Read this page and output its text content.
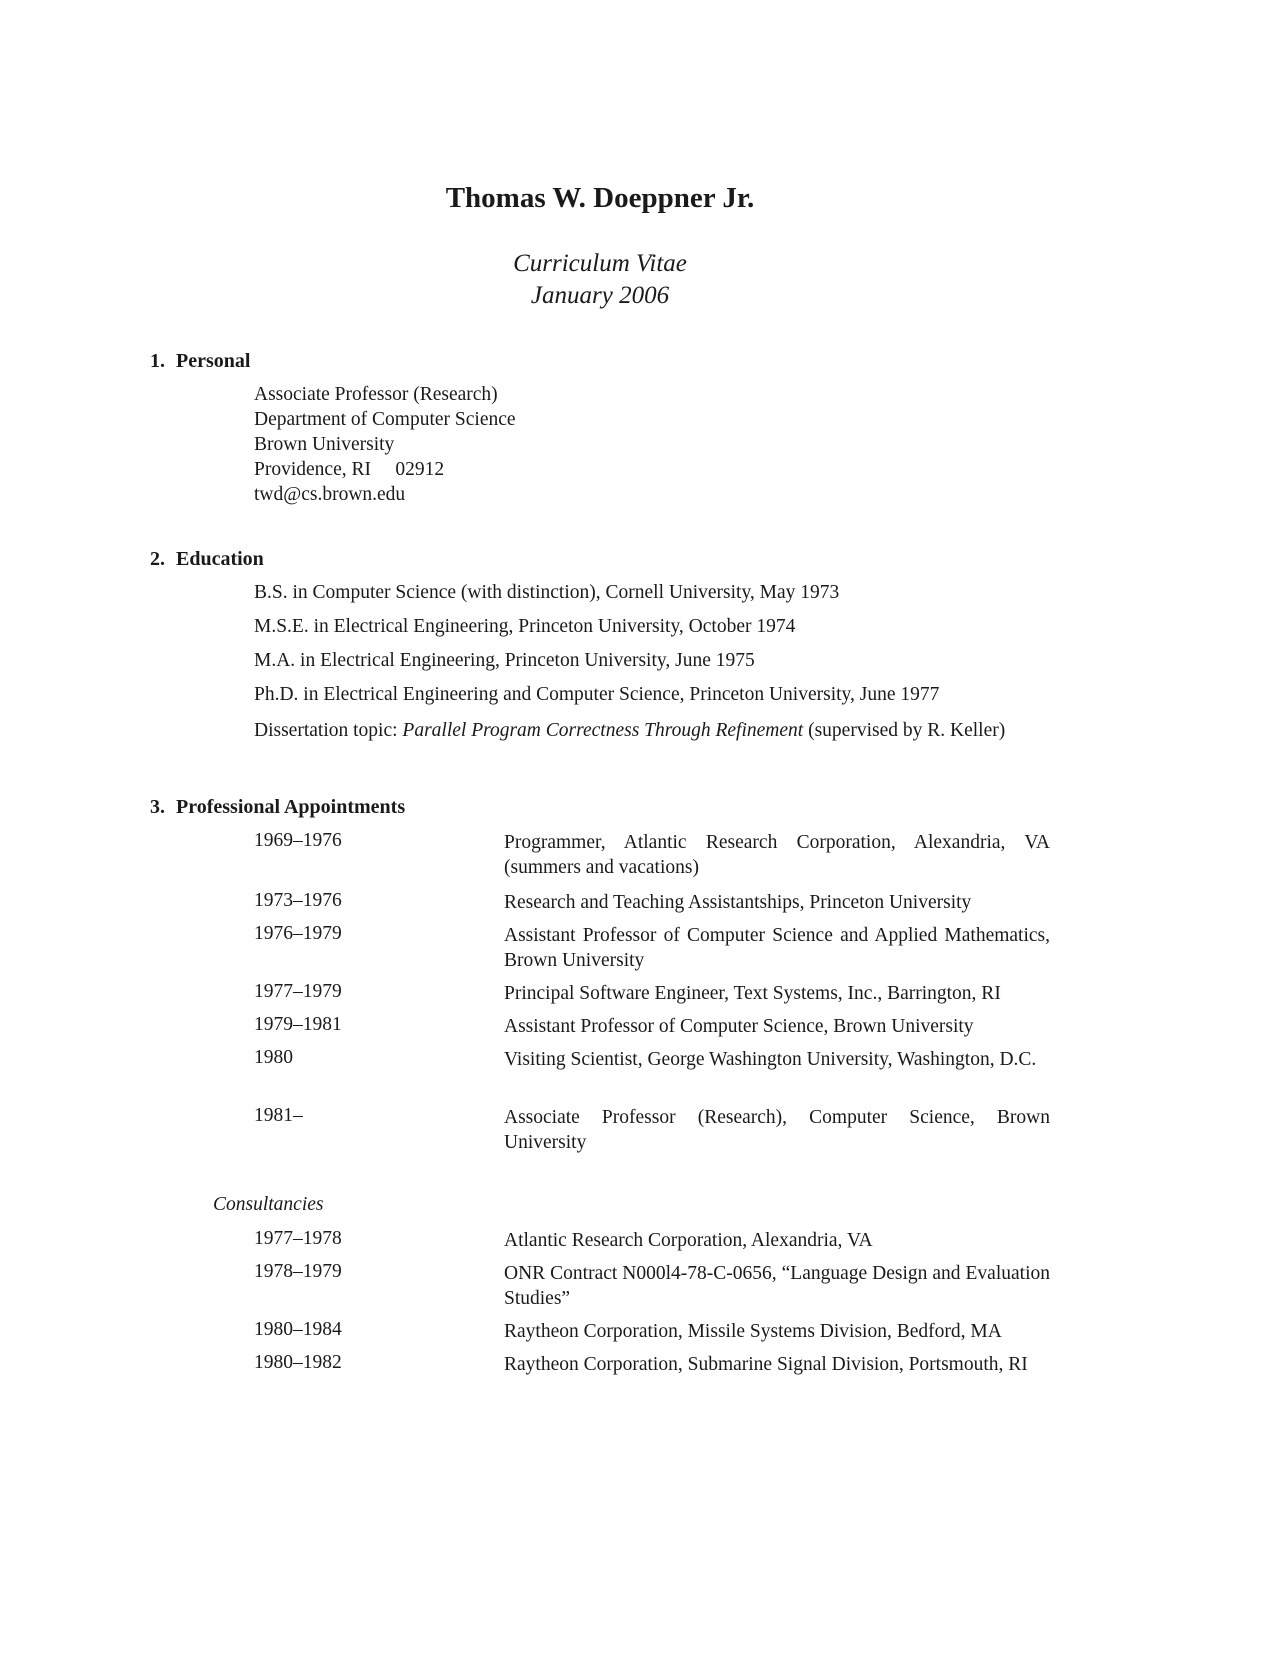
Thomas W. Doeppner Jr.
Curriculum Vitae
January 2006
1. Personal
Associate Professor (Research)
Department of Computer Science
Brown University
Providence, RI     02912
twd@cs.brown.edu
2. Education
B.S. in Computer Science (with distinction), Cornell University, May 1973
M.S.E. in Electrical Engineering, Princeton University, October 1974
M.A. in Electrical Engineering, Princeton University, June 1975
Ph.D. in Electrical Engineering and Computer Science, Princeton University, June 1977
Dissertation topic: Parallel Program Correctness Through Refinement (supervised by R. Keller)
3. Professional Appointments
1969–1976	Programmer, Atlantic Research Corporation, Alexandria, VA (summers and vacations)
1973–1976	Research and Teaching Assistantships, Princeton University
1976–1979	Assistant Professor of Computer Science and Applied Mathematics, Brown University
1977–1979	Principal Software Engineer, Text Systems, Inc., Barrington, RI
1979–1981	Assistant Professor of Computer Science, Brown University
1980	Visiting Scientist, George Washington University, Washington, D.C.
1981–	Associate Professor (Research), Computer Science, Brown University
Consultancies
1977–1978	Atlantic Research Corporation, Alexandria, VA
1978–1979	ONR Contract N000l4-78-C-0656, “Language Design and Evaluation Studies”
1980–1984	Raytheon Corporation, Missile Systems Division, Bedford, MA
1980–1982	Raytheon Corporation, Submarine Signal Division, Portsmouth, RI
